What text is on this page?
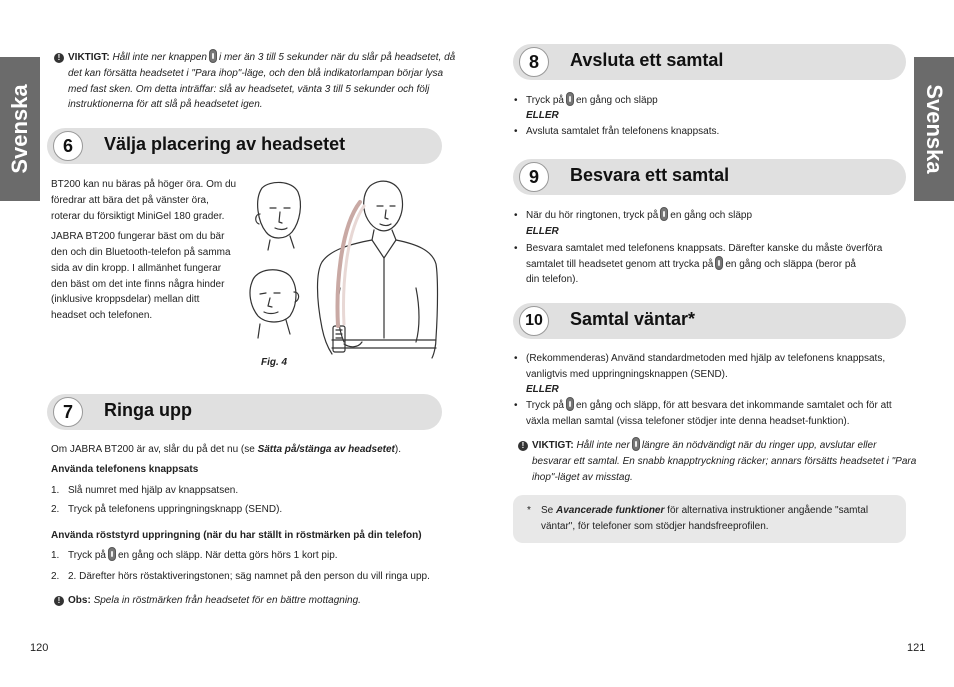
Svenska	Svenska
! VIKTIGT: Håll inte ner knappen i mer än 3 till 5 sekunder när du slår på headsetet, då
det kan försätta headsetet i "Para ihop"-läge, och den blå indikatorlampan börjar lysa
med fast sken. Om detta inträffar: slå av headsetet, vänta 3 till 5 sekunder och följ
instruktionerna för att slå på headsetet igen.
6	Välja placering av headsetet
BT200 kan nu bäras på höger öra. Om du
föredrar att bära det på vänster öra,
roterar du försiktigt MiniGel 180 grader.
JABRA BT200 fungerar bäst om du bär
den och din Bluetooth-telefon på samma
sida av din kropp. I allmänhet fungerar
den bäst om det inte finns några hinder
(inklusive kroppsdelar) mellan ditt
headset och telefonen.
Fig. 4
7	Ringa upp
Om JABRA BT200 är av, slår du på det nu (se Sätta på/stänga av headsetet).
Använda telefonens knappsats
1. Slå numret med hjälp av knappsatsen.
2. Tryck på telefonens uppringningsknapp (SEND).
Använda röststyrd uppringning (när du har ställt in röstmärken på din telefon)
1. Tryck på en gång och släpp. När detta görs hörs 1 kort pip.
2. 2. Därefter hörs röstaktiveringstonen; säg namnet på den person du vill ringa upp.
! Obs: Spela in röstmärken från headsetet för en bättre mottagning.
120
8	Avsluta ett samtal
• Tryck på en gång och släpp
ELLER
• Avsluta samtalet från telefonens knappsats.
9	Besvara ett samtal
• När du hör ringtonen, tryck på en gång och släpp
ELLER
• Besvara samtalet med telefonens knappsats. Därefter kanske du måste överföra
samtalet till headsetet genom att trycka på en gång och släppa (beror på
din telefon).
10	Samtal väntar*
• (Rekommenderas) Använd standardmetoden med hjälp av telefonens knappsats,
vanligtvis med uppringningsknappen (SEND).
ELLER
• Tryck på en gång och släpp, för att besvara det inkommande samtalet och för att
växla mellan samtal (vissa telefoner stödjer inte denna headset-funktion).
! VIKTIGT: Håll inte ner längre än nödvändigt när du ringer upp, avslutar eller
besvarar ett samtal. En snabb knapptryckning räcker; annars försätts headsetet i "Para
ihop"-läget av misstag.
* Se Avancerade funktioner för alternativa instruktioner angående "samtal
väntar", för telefoner som stödjer handsfreeprofilen.
121
